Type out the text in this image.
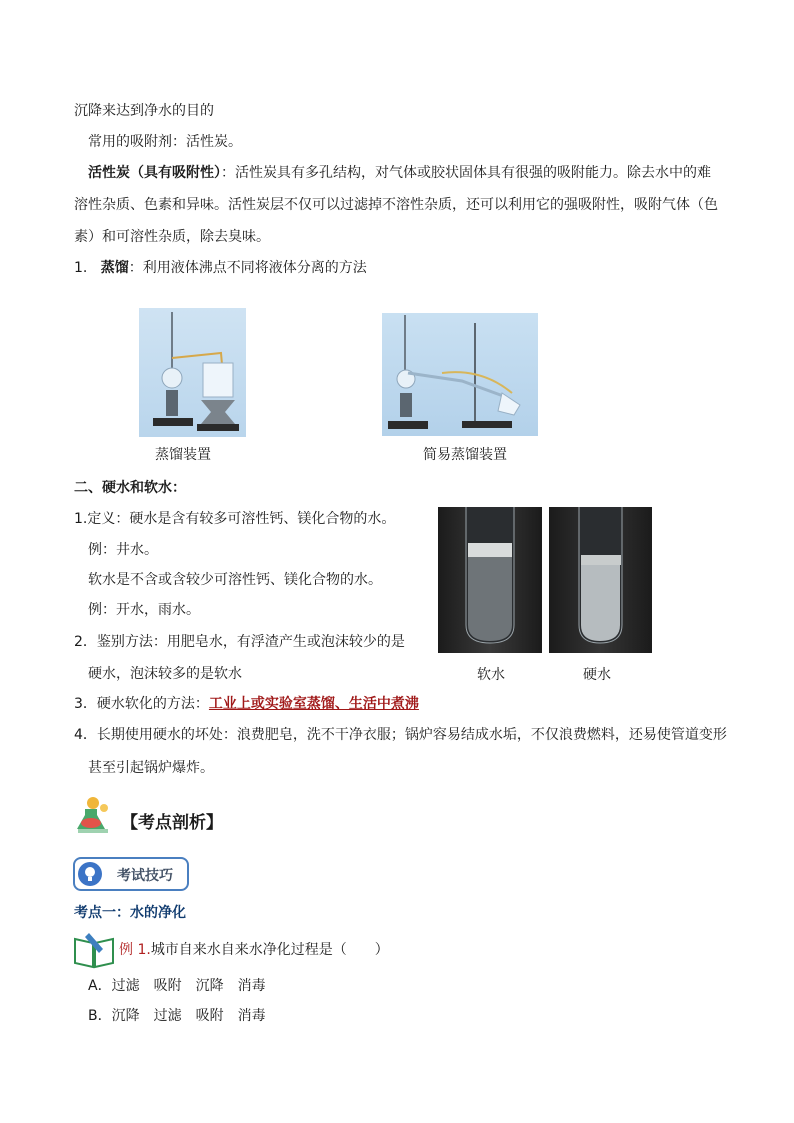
沉降来达到净水的目的
常用的吸附剂：活性炭。
活性炭（具有吸附性）：活性炭具有多孔结构，对气体或胶状固体具有很强的吸附能力。除去水中的难
溶性杂质、色素和异味。活性炭层不仅可以过滤掉不溶性杂质，还可以利用它的强吸附性，吸附气体（色
素）和可溶性杂质，除去臭味。
1. 蒸馏：利用液体沸点不同将液体分离的方法
蒸馏装置	简易蒸馏装置
二、硬水和软水：
1.定义：硬水是含有较多可溶性钙、镁化合物的水。
例：井水。
软水是不含或含较少可溶性钙、镁化合物的水。
例：开水，雨水。
2．鉴别方法：用肥皂水，有浮渣产生或泡沫较少的是
硬水，泡沫较多的是软水	软水	硬水
3．硬水软化的方法：工业上或实验室蒸馏、生活中煮沸
4．长期使用硬水的坏处：浪费肥皂，洗不干净衣服；锅炉容易结成水垢，不仅浪费燃料，还易使管道变形
甚至引起锅炉爆炸。
【考点剖析】
考试技巧
考点一：水的净化
例 1.城市自来水自来水净化过程是（　　）
A．过滤　吸附　沉降　消毒
B．沉降　过滤　吸附　消毒
